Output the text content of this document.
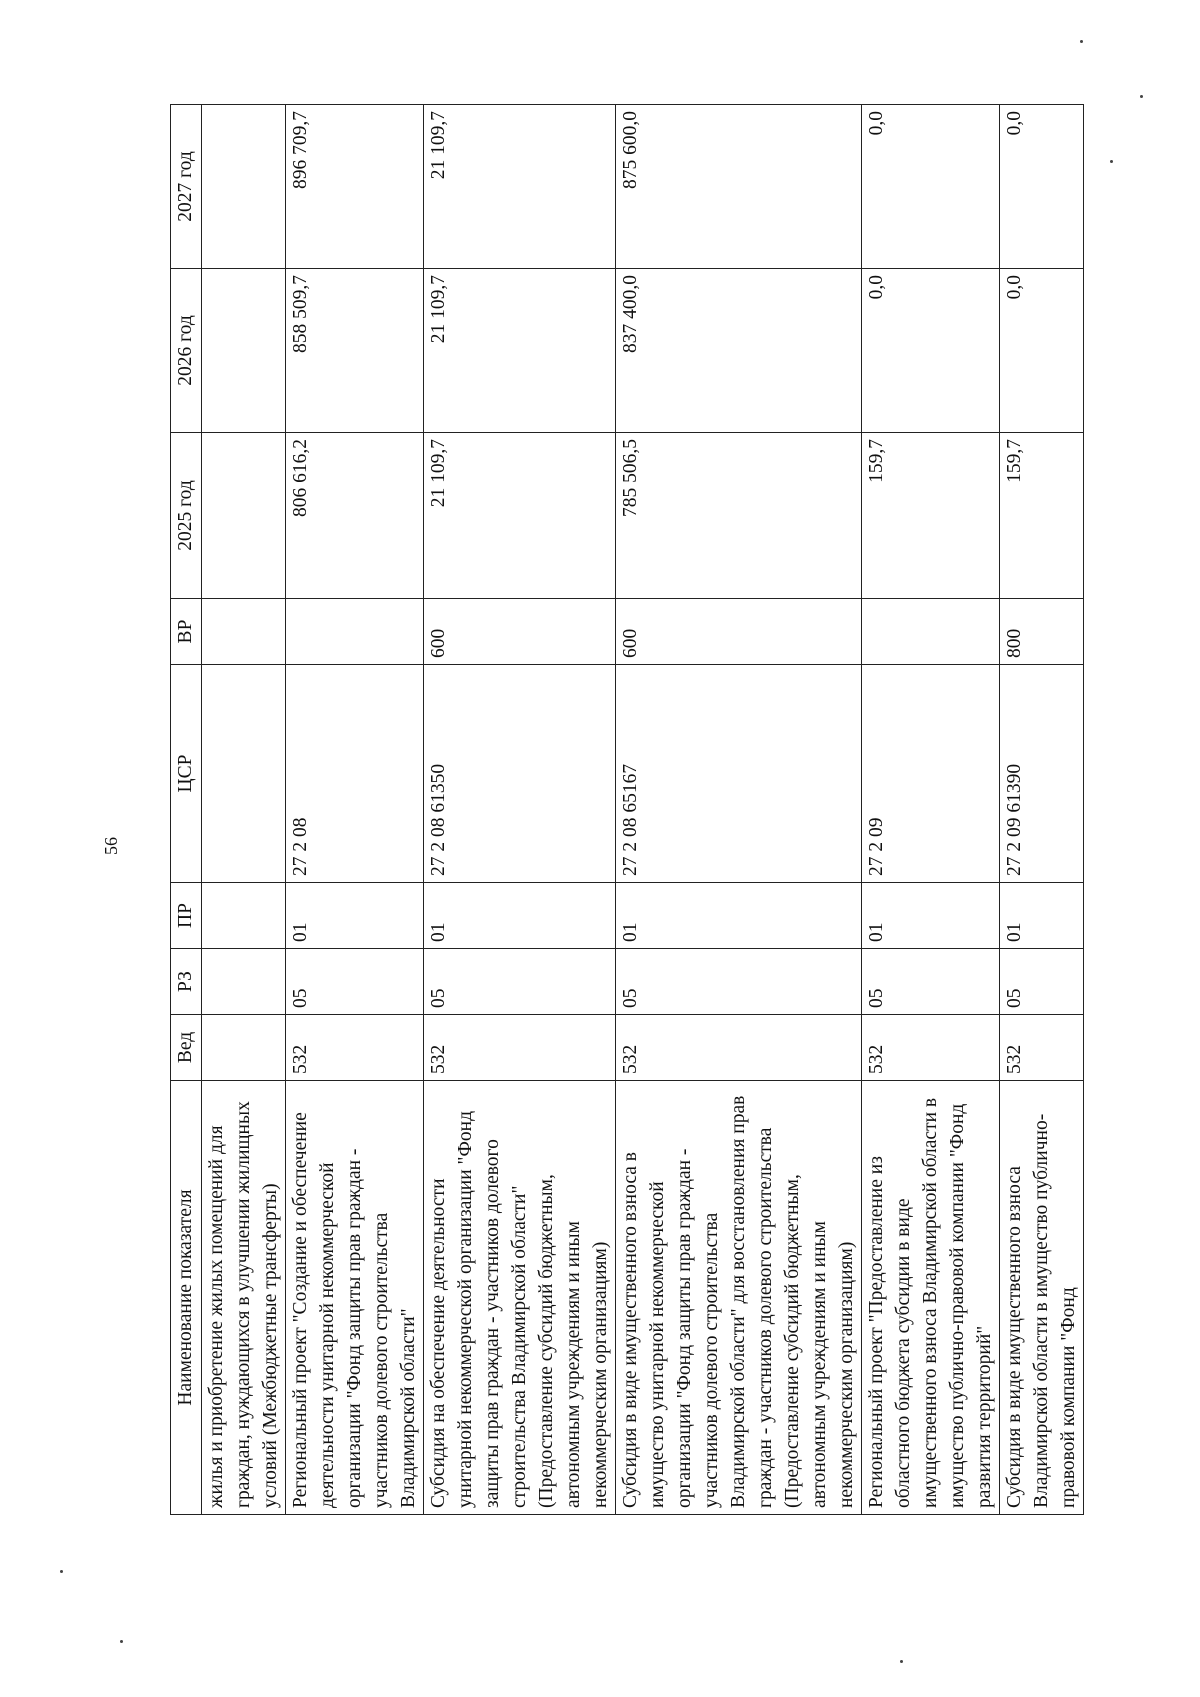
56
Наименование показателя	Вед	РЗ	ПР	ЦСР	ВР	2025 год	2026 год	2027 год
жилья и приобретение жилых помещений для граждан, нуждающихся в улучшении жилищных условий (Межбюджетные трансферты)								
Региональный проект "Создание и обеспечение деятельности унитарной некоммерческой организации "Фонд защиты прав граждан - участников долевого строительства Владимирской области"	532	05	01	27 2 08		806 616,2	858 509,7	896 709,7
Субсидия на обеспечение деятельности унитарной некоммерческой организации "Фонд защиты прав граждан - участников долевого строительства Владимирской области" (Предоставление субсидий бюджетным, автономным учреждениям и иным некоммерческим организациям)	532	05	01	27 2 08 61350	600	21 109,7	21 109,7	21 109,7
Субсидия в виде имущественного взноса в имущество унитарной некоммерческой организации "Фонд защиты прав граждан - участников долевого строительства Владимирской области" для восстановления прав граждан - участников долевого строительства (Предоставление субсидий бюджетным, автономным учреждениям и иным некоммерческим организациям)	532	05	01	27 2 08 65167	600	785 506,5	837 400,0	875 600,0
Региональный проект "Предоставление из областного бюджета субсидии в виде имущественного взноса Владимирской области в имущество публично-правовой компании "Фонд развития территорий"	532	05	01	27 2 09		159,7	0,0	0,0
Субсидия в виде имущественного взноса Владимирской области в имущество публично-правовой компании "Фонд	532	05	01	27 2 09 61390	800	159,7	0,0	0,0
